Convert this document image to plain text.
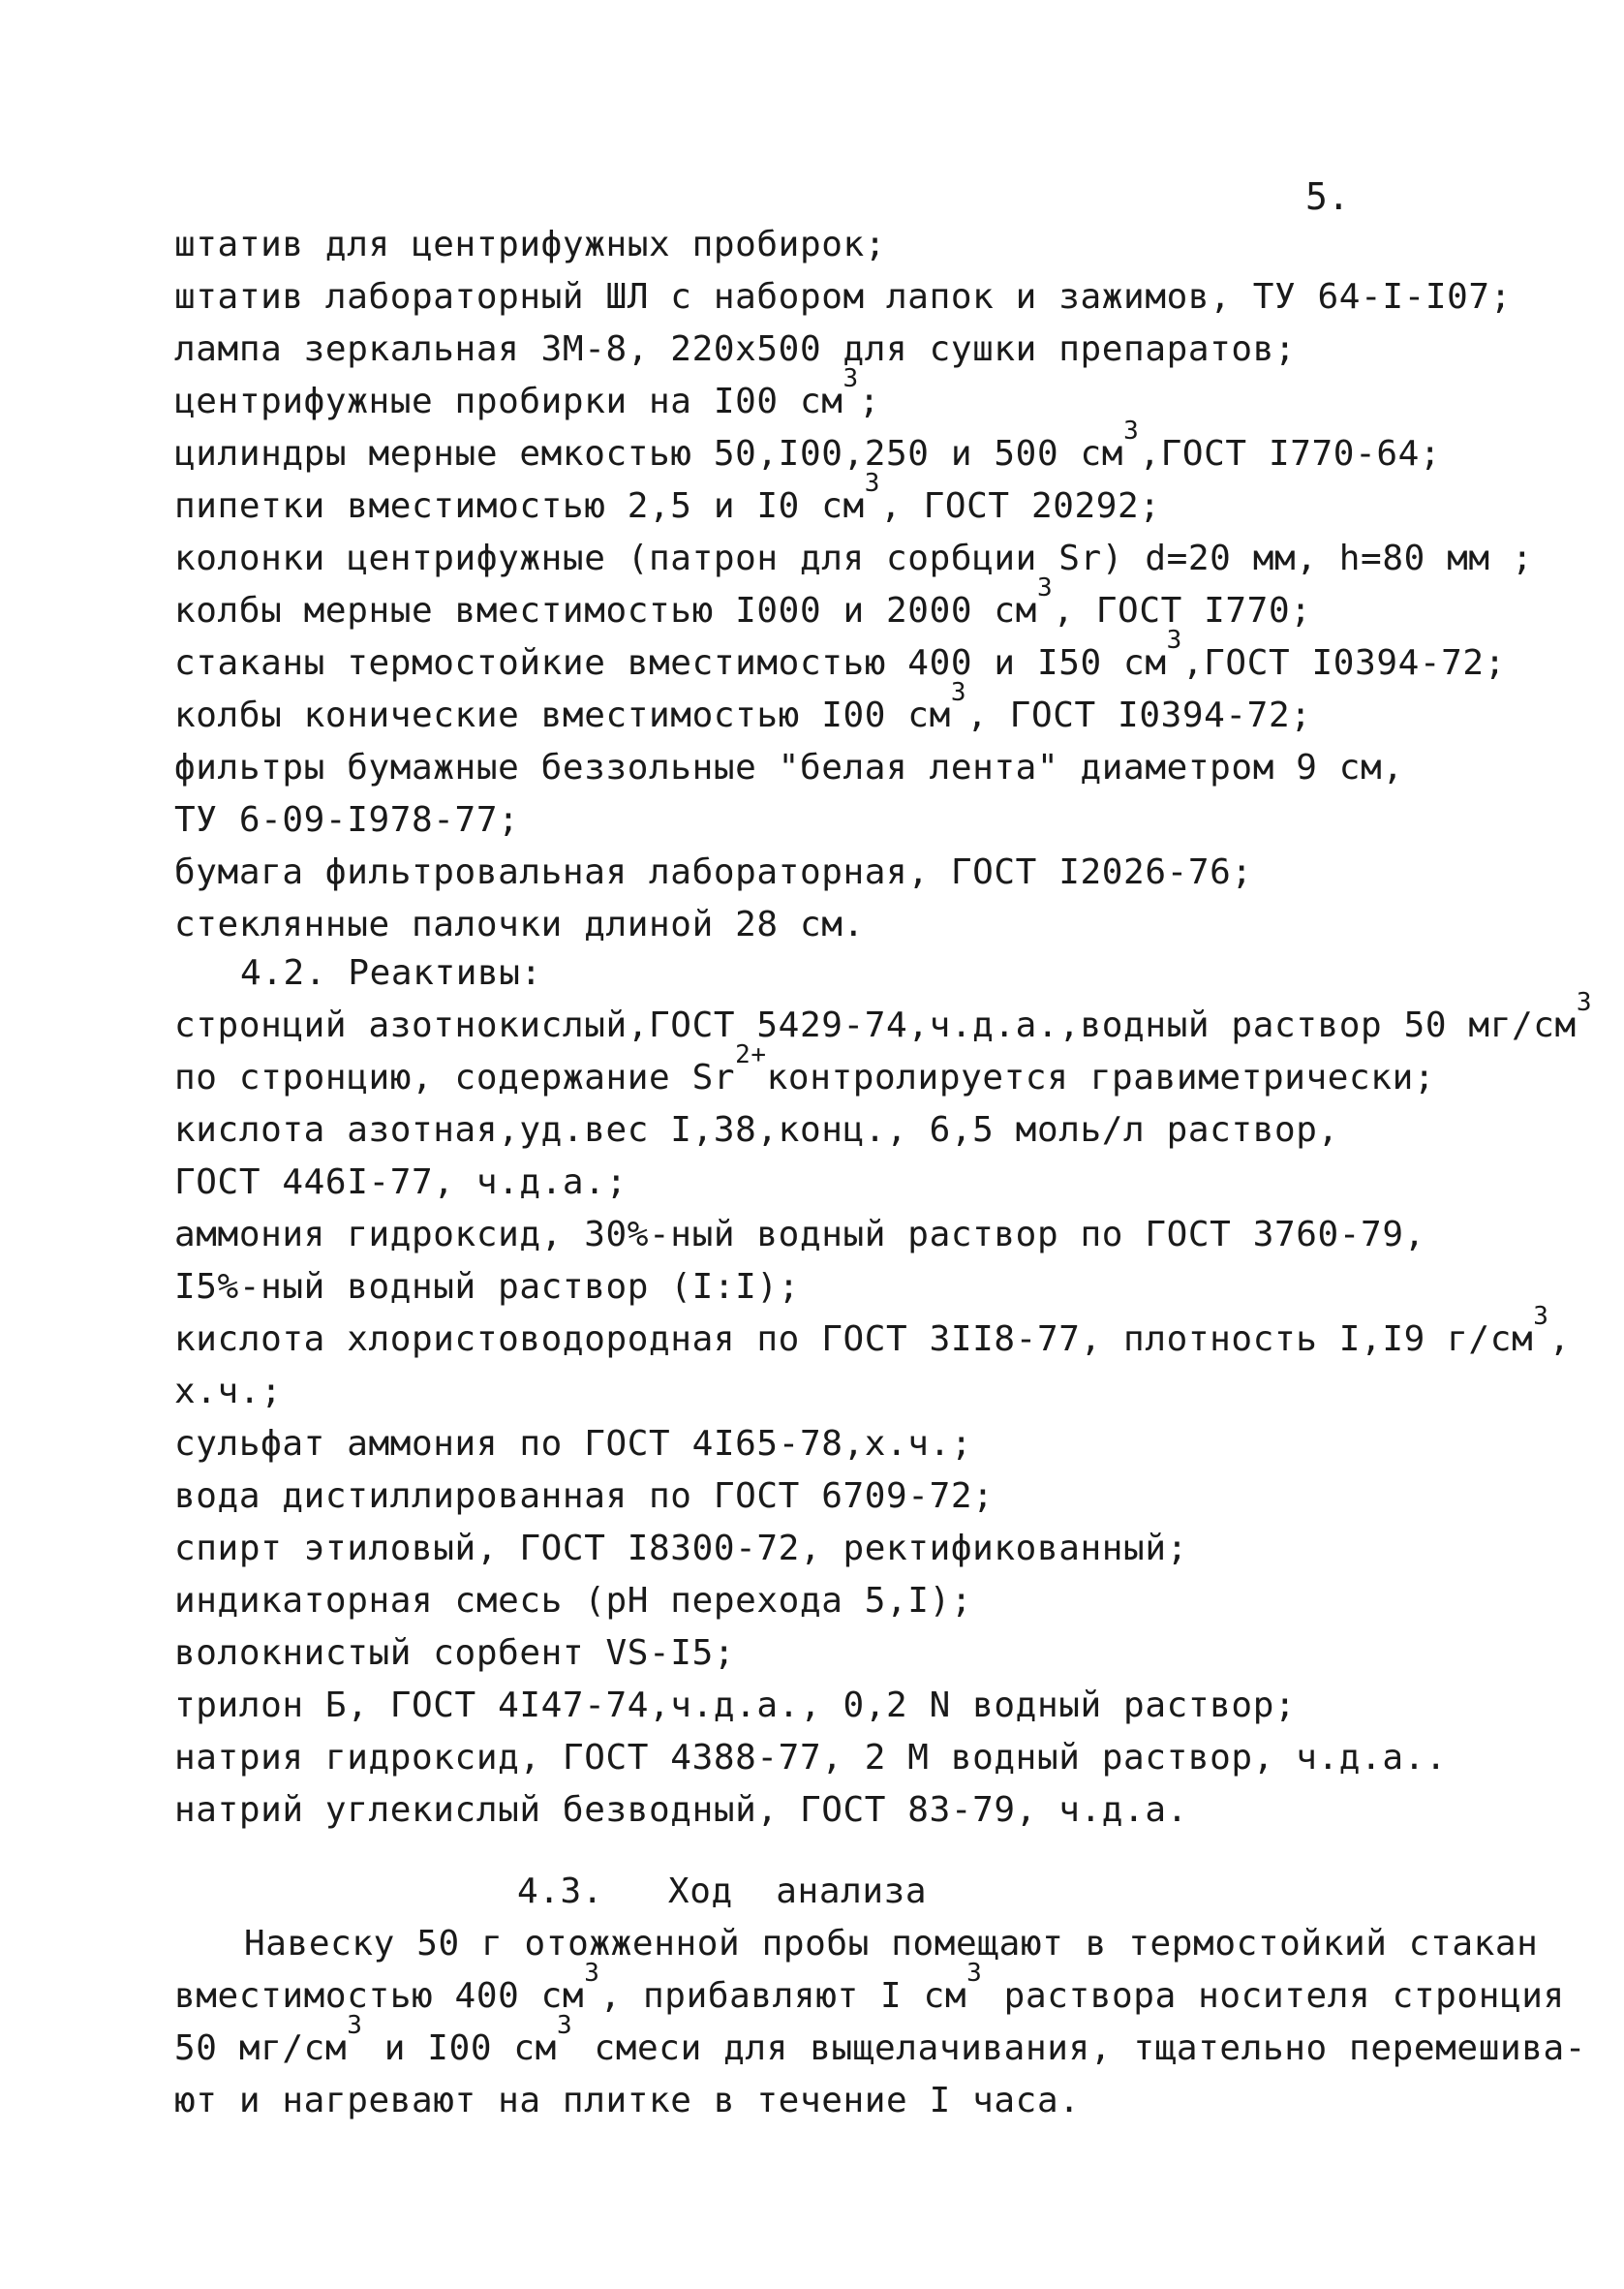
5.
штатив для центрифужных пробирок;
штатив лабораторный ШЛ с набором лапок и зажимов, ТУ 64-I-I07;
лампа зеркальная ЗМ-8, 220х500 для сушки препаратов;
центрифужные пробирки на I00 $см^3$;
цилиндры мерные емкостью 50,I00,250 и 500 $см^3,ГОСТ$ I770-64;
пипетки вместимостью 2,5 и I0 $см^3$, ГОСТ 20292;
колонки центрифужные (патрон для сорбции Sr) d=20 мм, h=80 мм ;
колбы мерные вместимостью I000 и 2000 $см^3$, ГОСТ I770;
стаканы термостойкие вместимостью 400 и I50 $см^3,ГОСТ$ I0394-72;
колбы конические вместимостью I00 $см^3$, ГОСТ I0394-72;
фильтры бумажные беззольные "белая лента" диаметром 9 см,
ТУ 6-09-I978-77;
бумага фильтровальная лабораторная, ГОСТ I2026-76;
стеклянные палочки длиной 28 см.
4.2. Реактивы:
стронций азотнокислый,ГОСТ 5429-74,ч.д.а.,водный раствор 50 $мг/см^3$
по стронцию, содержание $Sr^{2+}контролируется$ гравиметрически;
кислота азотная,уд.вес I,38,конц., 6,5 моль/л раствор,
ГОСТ 446I-77, ч.д.а.;
аммония гидроксид, 30%-ный водный раствор по ГОСТ 3760-79,
I5%-ный водный раствор (I:I);
кислота хлористоводородная по ГОСТ 3II8-77, плотность I,I9 $г/см^3$,
х.ч.;
сульфат аммония по ГОСТ 4I65-78,х.ч.;
вода дистиллированная по ГОСТ 6709-72;
спирт этиловый, ГОСТ I8300-72, ректификованный;
индикаторная смесь (pH перехода 5,I);
волокнистый сорбент VS-I5;
трилон Б, ГОСТ 4I47-74,ч.д.а., 0,2 N водный раствор;
натрия гидроксид, ГОСТ 4388-77, 2 М водный раствор, ч.д.а..
натрий углекислый безводный, ГОСТ 83-79, ч.д.а.
4.3.   Ход  анализа
Навеску 50 г отожженной пробы помещают в термостойкий стакан
вместимостью 400 $см^3$, прибавляют I $см^3$ раствора носителя стронция
50 $мг/см^3$ и I00 $см^3$ смеси для выщелачивания, тщательно перемешива-
ют и нагревают на плитке в течение I часа.
